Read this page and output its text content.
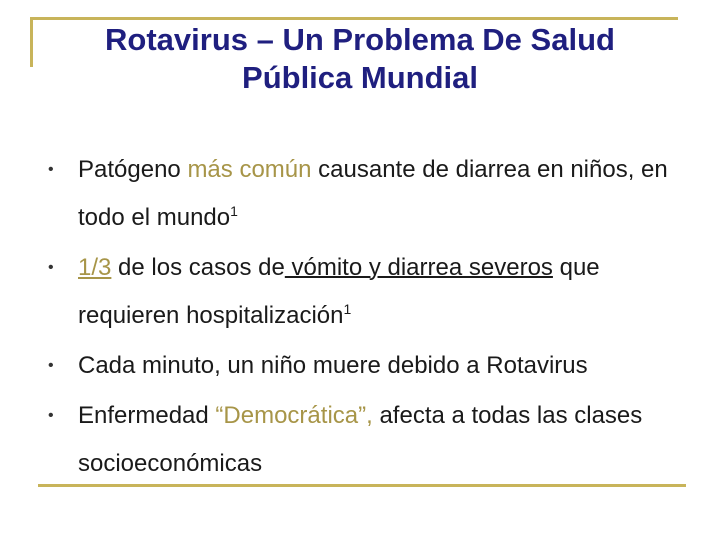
Rotavirus – Un Problema De Salud
Pública Mundial
• Patógeno más común causante de diarrea en niños, en todo el mundo$^1$
• 1/3 de los casos de vómito y diarrea severos que requieren hospitalización$^1$
• Cada minuto, un niño muere debido a Rotavirus
• Enfermedad “Democrática”, afecta a todas las clases socioeconómicas
